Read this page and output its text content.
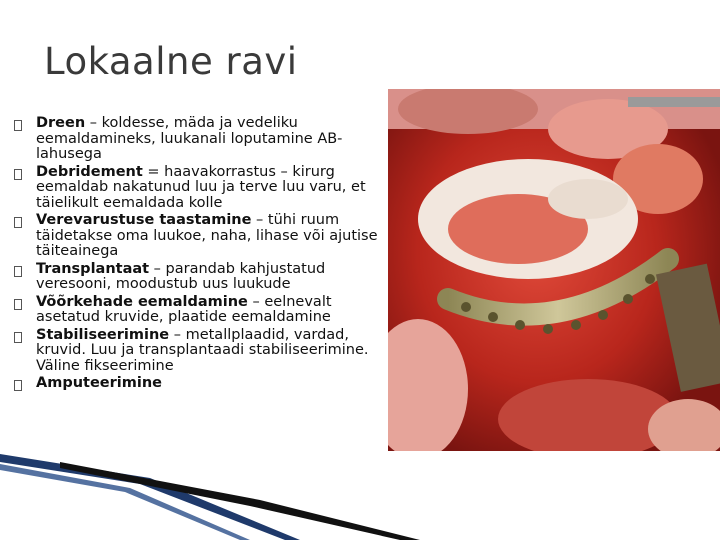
Lokaalne ravi
Dreen – koldesse, mäda ja vedeliku eemaldamineks, luukanali loputamine AB-lahusega
Debridement = haavakorrastus – kirurg eemaldab nakatunud luu ja terve luu varu, et täielikult eemaldada kolle
Verevarustuse taastamine – tühi ruum täidetakse oma luukoe, naha, lihase või ajutise täiteainega
Transplantaat – parandab kahjustatud veresooni, moodustub uus luukude
Võõrkehade eemaldamine – eelnevalt asetatud kruvide, plaatide eemaldamine
Stabiliseerimine – metallplaadid, vardad, kruvid. Luu ja transplantaadi stabiliseerimine. Väline fikseerimine
Amputeerimine
